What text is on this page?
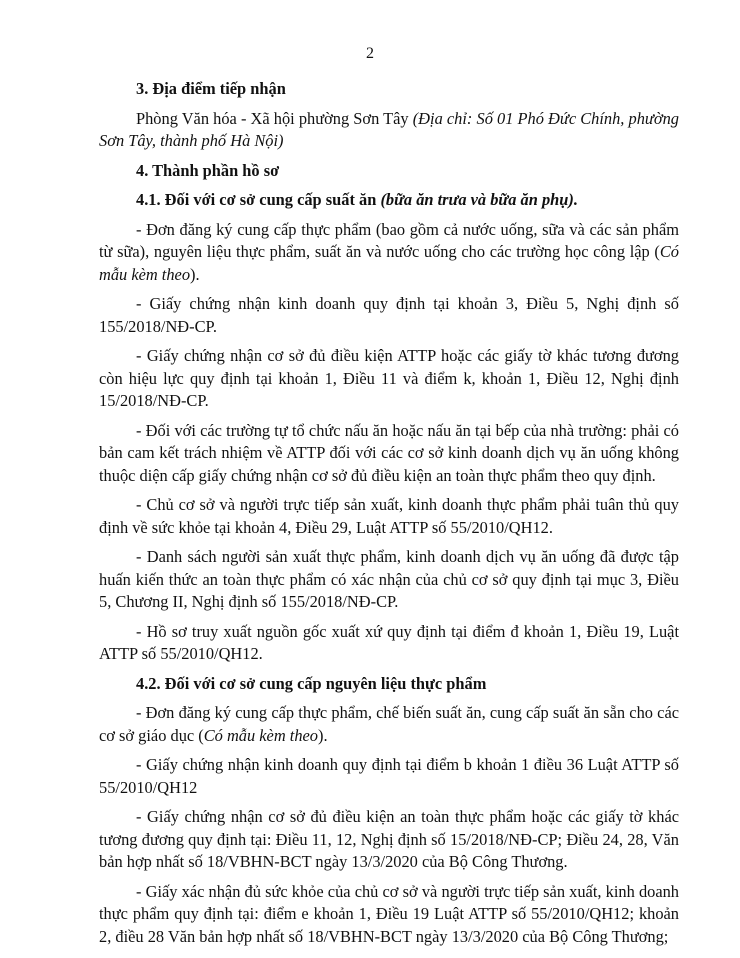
2

3. Địa điểm tiếp nhận

Phòng Văn hóa - Xã hội phường Sơn Tây (Địa chỉ: Số 01 Phó Đức Chính, phường Sơn Tây, thành phố Hà Nội)

4. Thành phần hồ sơ

4.1. Đối với cơ sở cung cấp suất ăn (bữa ăn trưa và bữa ăn phụ).

- Đơn đăng ký cung cấp thực phẩm (bao gồm cả nước uống, sữa và các sản phẩm từ sữa), nguyên liệu thực phẩm, suất ăn và nước uống cho các trường học công lập (Có mẫu kèm theo).

- Giấy chứng nhận kinh doanh quy định tại khoản 3, Điều 5, Nghị định số 155/2018/NĐ-CP.

- Giấy chứng nhận cơ sở đủ điều kiện ATTP hoặc các giấy tờ khác tương đương còn hiệu lực quy định tại khoản 1, Điều 11 và điểm k, khoản 1, Điều 12, Nghị định 15/2018/NĐ-CP.

- Đối với các trường tự tổ chức nấu ăn hoặc nấu ăn tại bếp của nhà trường: phải có bản cam kết trách nhiệm về ATTP đối với các cơ sở kinh doanh dịch vụ ăn uống không thuộc diện cấp giấy chứng nhận cơ sở đủ điều kiện an toàn thực phẩm theo quy định.

- Chủ cơ sở và người trực tiếp sản xuất, kinh doanh thực phẩm phải tuân thủ quy định về sức khỏe tại khoản 4, Điều 29, Luật ATTP số 55/2010/QH12.

- Danh sách người sản xuất thực phẩm, kinh doanh dịch vụ ăn uống đã được tập huấn kiến thức an toàn thực phẩm có xác nhận của chủ cơ sở quy định tại mục 3, Điều 5, Chương II, Nghị định số 155/2018/NĐ-CP.

- Hồ sơ truy xuất nguồn gốc xuất xứ quy định tại điểm đ khoản 1, Điều 19, Luật ATTP số 55/2010/QH12.

4.2. Đối với cơ sở cung cấp nguyên liệu thực phẩm

- Đơn đăng ký cung cấp thực phẩm, chế biến suất ăn, cung cấp suất ăn sẵn cho các cơ sở giáo dục (Có mẫu kèm theo).

- Giấy chứng nhận kinh doanh quy định tại điểm b khoản 1 điều 36 Luật ATTP số 55/2010/QH12

- Giấy chứng nhận cơ sở đủ điều kiện an toàn thực phẩm hoặc các giấy tờ khác tương đương quy định tại: Điều 11, 12, Nghị định số 15/2018/NĐ-CP; Điều 24, 28, Văn bản hợp nhất số 18/VBHN-BCT ngày 13/3/2020 của Bộ Công Thương.

- Giấy xác nhận đủ sức khỏe của chủ cơ sở và người trực tiếp sản xuất, kinh doanh thực phẩm quy định tại: điểm e khoản 1, Điều 19 Luật ATTP số 55/2010/QH12; khoản 2, điều 28 Văn bản hợp nhất số 18/VBHN-BCT ngày 13/3/2020 của Bộ Công Thương;
